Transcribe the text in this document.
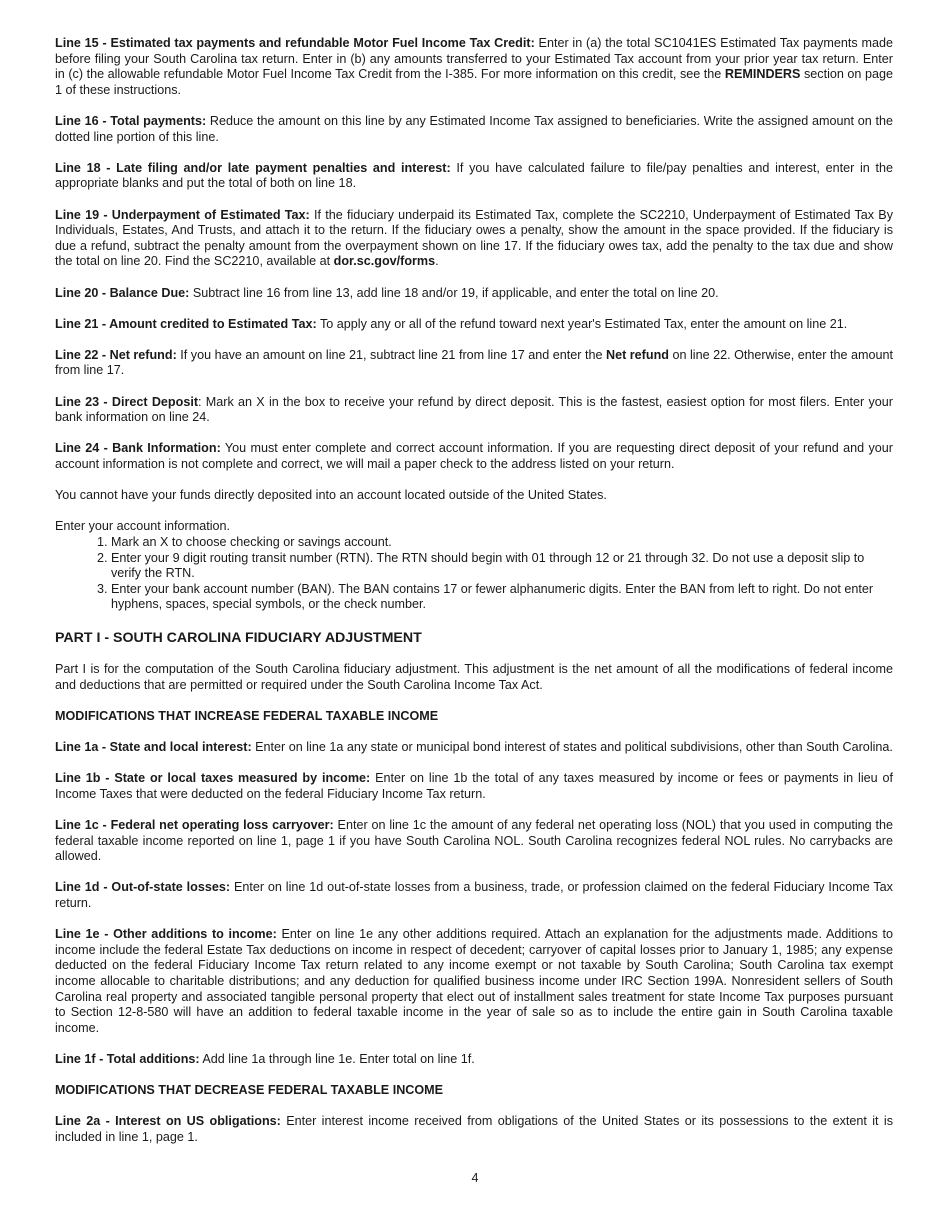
Line 15 - Estimated tax payments and refundable Motor Fuel Income Tax Credit: Enter in (a) the total SC1041ES Estimated Tax payments made before filing your South Carolina tax return. Enter in (b) any amounts transferred to your Estimated Tax account from your prior year tax return. Enter in (c) the allowable refundable Motor Fuel Income Tax Credit from the I-385. For more information on this credit, see the REMINDERS section on page 1 of these instructions.

Line 16 - Total payments: Reduce the amount on this line by any Estimated Income Tax assigned to beneficiaries. Write the assigned amount on the dotted line portion of this line.

Line 18 - Late filing and/or late payment penalties and interest: If you have calculated failure to file/pay penalties and interest, enter in the appropriate blanks and put the total of both on line 18.

Line 19 - Underpayment of Estimated Tax: If the fiduciary underpaid its Estimated Tax, complete the SC2210, Underpayment of Estimated Tax By Individuals, Estates, And Trusts, and attach it to the return. If the fiduciary owes a penalty, show the amount in the space provided. If the fiduciary is due a refund, subtract the penalty amount from the overpayment shown on line 17. If the fiduciary owes tax, add the penalty to the tax due and show the total on line 20. Find the SC2210, available at dor.sc.gov/forms.

Line 20 - Balance Due: Subtract line 16 from line 13, add line 18 and/or 19, if applicable, and enter the total on line 20.

Line 21 - Amount credited to Estimated Tax: To apply any or all of the refund toward next year's Estimated Tax, enter the amount on line 21.

Line 22 - Net refund: If you have an amount on line 21, subtract line 21 from line 17 and enter the Net refund on line 22. Otherwise, enter the amount from line 17.

Line 23 - Direct Deposit: Mark an X in the box to receive your refund by direct deposit. This is the fastest, easiest option for most filers. Enter your bank information on line 24.

Line 24 - Bank Information: You must enter complete and correct account information. If you are requesting direct deposit of your refund and your account information is not complete and correct, we will mail a paper check to the address listed on your return.

You cannot have your funds directly deposited into an account located outside of the United States.

Enter your account information.

1. Mark an X to choose checking or savings account.
2. Enter your 9 digit routing transit number (RTN). The RTN should begin with 01 through 12 or 21 through 32. Do not use a deposit slip to verify the RTN.
3. Enter your bank account number (BAN). The BAN contains 17 or fewer alphanumeric digits. Enter the BAN from left to right. Do not enter hyphens, spaces, special symbols, or the check number.
PART I - SOUTH CAROLINA FIDUCIARY ADJUSTMENT

Part I is for the computation of the South Carolina fiduciary adjustment. This adjustment is the net amount of all the modifications of federal income and deductions that are permitted or required under the South Carolina Income Tax Act.

MODIFICATIONS THAT INCREASE FEDERAL TAXABLE INCOME

Line 1a - State and local interest: Enter on line 1a any state or municipal bond interest of states and political subdivisions, other than South Carolina.

Line 1b - State or local taxes measured by income: Enter on line 1b the total of any taxes measured by income or fees or payments in lieu of Income Taxes that were deducted on the federal Fiduciary Income Tax return.

Line 1c - Federal net operating loss carryover: Enter on line 1c the amount of any federal net operating loss (NOL) that you used in computing the federal taxable income reported on line 1, page 1 if you have South Carolina NOL. South Carolina recognizes federal NOL rules. No carrybacks are allowed.

Line 1d - Out-of-state losses: Enter on line 1d out-of-state losses from a business, trade, or profession claimed on the federal Fiduciary Income Tax return.

Line 1e - Other additions to income: Enter on line 1e any other additions required. Attach an explanation for the adjustments made. Additions to income include the federal Estate Tax deductions on income in respect of decedent; carryover of capital losses prior to January 1, 1985; any expense deducted on the federal Fiduciary Income Tax return related to any income exempt or not taxable by South Carolina; South Carolina tax exempt income allocable to charitable distributions; and any deduction for qualified business income under IRC Section 199A. Nonresident sellers of South Carolina real property and associated tangible personal property that elect out of installment sales treatment for state Income Tax purposes pursuant to Section 12-8-580 will have an addition to federal taxable income in the year of sale so as to include the entire gain in South Carolina taxable income.

Line 1f - Total additions: Add line 1a through line 1e. Enter total on line 1f.

MODIFICATIONS THAT DECREASE FEDERAL TAXABLE INCOME

Line 2a - Interest on US obligations: Enter interest income received from obligations of the United States or its possessions to the extent it is included in line 1, page 1.

4
